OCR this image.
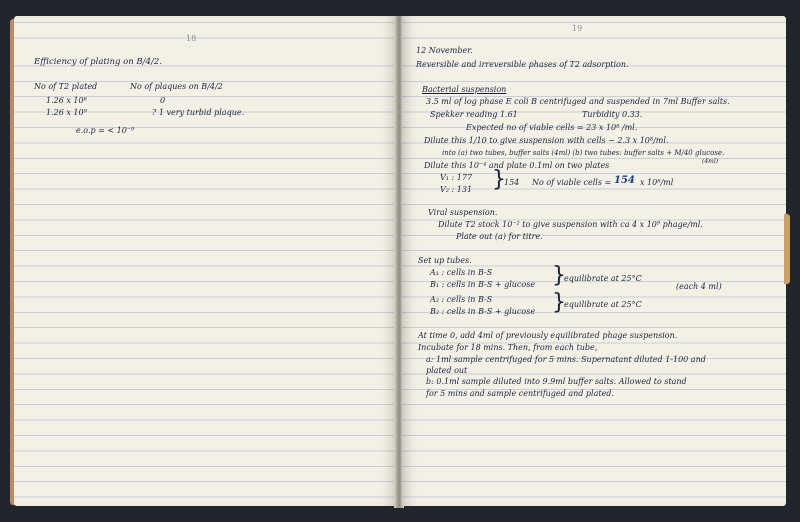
18
Efficiency of plating on B/4/2.
No of T2 plated	No of plaques on B/4/2
1.26 x 10⁸	0
1.26 x 10⁹	? 1 very turbid plaque.
e.o.p = < 10⁻⁹
19
12 November.
Reversible and irreversible phases of T2 adsorption.
Bacterial suspension
3.5 ml of log phase E coli B centrifuged and suspended in 7ml Buffer salts.
Spekker reading 1.61	Turbidity 0.33.
Expected no of viable cells = 23 x 10⁸ /ml.
Dilute this 1/10 to give suspension with cells ~ 2.3 x 10⁸/ml.
into (a) two tubes, buffer salts (4ml) (b) two tubes: buffer salts + M/40 glucose.
(4ml)
Dilute this 10⁻⁴ and plate 0.1ml on two plates
V₁ : 177
V₂ : 131 }
154 No of viable cells = 154 x 10⁸/ml
Viral suspension.
Dilute T2 stock 10⁻² to give suspension with ca 4 x 10⁹ phage/ml.
Plate out (a) for titre.
Set up tubes.
A₁ : cells in B-S
B₁ : cells in B-S + glucose }
equilibrate at 25°C
(each 4 ml)
A₂ : cells in B-S
B₂ : cells in B-S + glucose }
equilibrate at 25°C
At time 0, add 4ml of previously equilibrated phage suspension.
Incubate for 18 mins. Then, from each tube,
a: 1ml sample centrifuged for 5 mins. Supernatant diluted 1-100 and
plated out
b: 0.1ml sample diluted into 9.9ml buffer salts. Allowed to stand
for 5 mins and sample centrifuged and plated.
